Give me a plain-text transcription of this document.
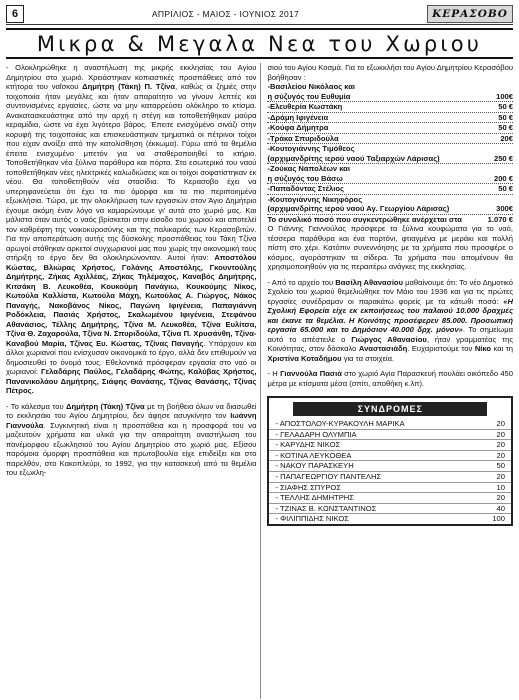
6	ΑΠΡΙΛΙΟΣ - ΜΑΙΟΣ - ΙΟΥΝΙΟΣ 2017	ΚΕΡΑΣΟΒΟ
Μικρα & Μεγαλα Νεα του Χωριου

- Ολοκληρώθηκε η αναστήλωση της μικρής εκκλησίας του Αγίου Δημητρίου στο χωριό. Χρειάστηκαν κοπιαστικές προσπάθειες από τον κτήτορα του ναΐσκου Δημήτρη (Τάκη) Π. Τζίνα, καθώς οι ζημιές στην τοιχοποιία ήταν μεγάλες και ήταν απαραίτητο να γίνουν λεπτές και συντονισμένες εργασίες, ώστε να μην καταρρεύσει ολόκληρο το κτίσμα. Ανακατασκευάστηκε από την αρχή η στέγη και τοποθετήθηκαν μαύρα κεραμίδια, ώστε να έχει λιγότερο βάρος. Έπειτε ενισχύμένο σινάζι στην κορυφή της τοιχοποιίας και επισκευάστηκαν τμηματικά οι πέτρινοι τοίχοι που είχαν ανοίξει από την κατολίσθηση (έκκωμα). Γύρω από τα θεμέλια έπειτα ενισχυμένο μπετόν για να σταθεροποιηθεί το κτήριο. Τοποθετήθηκαν νέα ξύλινα παράθυρα και πόρτα. Στο εσωτερικό του ναού τοποθετήθηκαν νέες ηλεκτρικές καλωδιώσεις και οι τοίχοι σοφατίστηκαν εκ νέου. Θα τοποθετηθούν νέα στασίδια. Το Κερασοβο έχει να υπερηφανεύεται ότι έχει τα πιο όμορφα και τα πιο περιποιημένα εξωκλήσια. Τώρα, με την ολοκλήρωση των εργασιών στον Άγιο Δημήτριο έγουμε ακόμη έναν λόγο να καμαρώνουμε γι' αυτά στο χωριό μας. Και μάλιστα όταν αυτός ο ναός βρίσκεται στην είσοδο του χωριού και αποτελεί τον καθρέφτη της νοικοκυροσύνης και της παλικαριάς των Κερασοβιτών. Για την αποπεράτωση αυτής της δύσκολης προσπάθειας του Τάκη Τζίνα αρωγοί στάθηκαν αρκετοί συγχωριανοί μας που χωρίς την οικονομική τους στήριξη το έργο δεν θα ολοκληρώνονταν. Αυτοί ήταν: Αποστόλου Κώστας, Βλιώρας Χρήστος, Γολάνης Αποστόλης, Γκουντούλης Δημήτρης, Ζήκας Αχιλλέας, Ζήκας Τηλέμαχος, Καναβός Δημήτρης, Κιτσάκη Β. Λευκοθέα, Κουκούμη Πανάγιω, Κουκούμης Νίκος, Κωτούλα Καλλίστα, Κωτούλα Μάχη, Κωτούλας Α. Γιώργος, Νάκος Παναγής, Νακοβάνος Νίκος, Παγώνη Ιφιγένεια, Παπαγιάννη Ροδόκλεια, Πασιάς Χρήστος, Σκαλωμένου Ιφιγένεια, Στεφάνου Αθανάσιος, Τέλλης Δημήτρης, Τζίνα Μ. Λευκοθέα, Τζίνα Ευλίτσα, Τζίνα Θ. Ζαχαρούλα, Τζίνα Ν. Σπυριδούλα, Τζίνα Π. Χρυσάνθη, Τζίνα-Καναβού Μαρία, Τζίνας Ευ. Κώστας, Τζίνας Παναγής. Υπάρχουν και άλλοι χωριανοί που ενίσχυσαν οικονομικά το έργο, αλλά δεν επιθυμούν να δημοσιευθεί το όνομά τους. Εθελοντικά πρόσφεραν εργασία στο ναό οι χωριανοί: Γελαδάρης Παύλος, Γελαδάρης Φώτης, Καλύβας Χρήστος, Πανανικολάου Δημήτρης, Σιάφης Θανάσης, Τζίνας Θανάσης, Τζίνας Πέτρος.

- Το κάλεσμα του Δημήτρη (Τάκη) Τζίνα με τη βοήθεια όλων να διασωθεί το εκκλησάκι του Αγίου Δημητρίου, δεν άφησε ασυγκίνητο τον Ιωάννη Γιαννούλα. Συγκινητική είναι η προσπάθεια και η προσφορά του να μαζευτούν χρήματα και υλικά για την απαραίτητη αναστήλωση του πανέμορφου εξωκλησιού του Αγίου Δημητρίου στο χωριό μας. Εξίσου παρόμοια όμορφη προσπάθεια και πρωτοβουλία είχε επιδείξει και στο παρελθόν, στο Κακοπλεύρι, το 1992, για την κατασκευή από τα θεμέλια του εξωκλη-

σιού του Αγίου Κοσμά. Για το εξωκκλήσι του Αγίου Δημητρίου Κερασόβου βοήθησαν :

-Βασιλείου Νικόλαος και
η σύζυγός του Ευθυμία	100€
-Ελευθερία Κωστάκη	50 €
-Δράμη Ιφιγένεια	50 €
-Κούφα Δήμητρα	50 €
-Τράκα Σπυριδούλα	20€
-Κουτογιάννης Τιμόθεος
(αρχιμανδρίτης ιερού ναού Ταξιαρχών Λάρισας)	250 €
-Ζούκας Ναπολέων και
η σύζυγός του Βάσω	200 €
-Παπαδόντας Στέλιος	50 €
-Κουτογιάννης Νικηφόρος
(αρχιμανδρίτης ιερού ναού Αγ. Γεωργίου Λάρισας)	300€
Το συνολικό ποσό που συγκεντρώθηκε ανέρχεται στα	1.070 €

Ο Γιάννης Γιαννούλας πρόσφερε τα ξύλινα κουφώματα για το ναό, τέσσερα παράθυρα και ένα πορτόνι, φτιαγμένα με μεράκι και πολλή πίστη στο χέρι. Κατόπιν συνεννόησης με τα χρήματα που προσφέρε ο κόσμος, αγοράστηκαν τα σίδερα. Τα χρήματα που απομένουν θα χρησιμοποιηθούν για τις περαιτέρω ανάγκες της εκκλησίας.

- Από το αρχείο του Βασίλη Αθανασίου μαθαίνουμε ότι: Το νέο Δημοτικό Σχολείο του χωριού θεμελιώθηκε τον Μάιο του 1936 και για τις πρώτες εργασίες συνέδραμαν οι παρακάτω φορείς με τα κάτωθι ποσά: «Η Σχολική Εφορεία είχε εκ εκποιήσεως του παλαιού 10.000 δραχμές και έκανε τα θεμέλια. Η Κοινότης προσέφερεν 85.000. Προσωπική εργασία 65.000 και το Δημόσιον 40.000 δρχ. μόνον». Το σημείωμα αυτό το απέστειλε ο Γιώργος Αθανασίου, ήταν γραμματέας της Κοινότητας, στον δάσκαλο Αναστασιάδη. Ευχαριστούμε τον Νίκο και τη Χριστίνα Κοταδήμου για τα στοιχεία.

- Η Γιαννούλα Πασιά στο χωριό Αγία Παρασκευή πουλάει οικόπεδο 450 μέτρα με κτίσματα μέσα (σπίτι, αποθήκη κ.λπ).

ΣΥΝΔΡΟΜΕΣ
- ΑΠΟΣΤΟΛΟΥ-ΚΥΡΑΚΟΥΛΗ ΜΑΡΙΚΑ	20
- ΓΕΛΑΔΑΡΗ ΟΛΥΜΠΙΑ	20
- ΚΑΡΥΔΗΣ ΝΙΚΟΣ	20
- ΚΟΤΙΝΑ ΛΕΥΚΟΘΕΑ	20
- ΝΑΚΟΥ ΠΑΡΑΣΚΕΥΗ	50
- ΠΑΠΑΓΕΩΡΓΙΟΥ ΠΑΝΤΕΛΗΣ	20
- ΣΙΑΦΗΣ ΣΠΥΡΟΣ	10
- ΤΕΛΛΗΣ ΔΗΜΗΤΡΗΣ	20
- ΤΖΙΝΑΣ Β. ΚΩΝΣΤΑΝΤΙΝΟΣ	40
- ΦΙΛΙΠΠΙΔΗΣ ΝΙΚΟΣ	100
